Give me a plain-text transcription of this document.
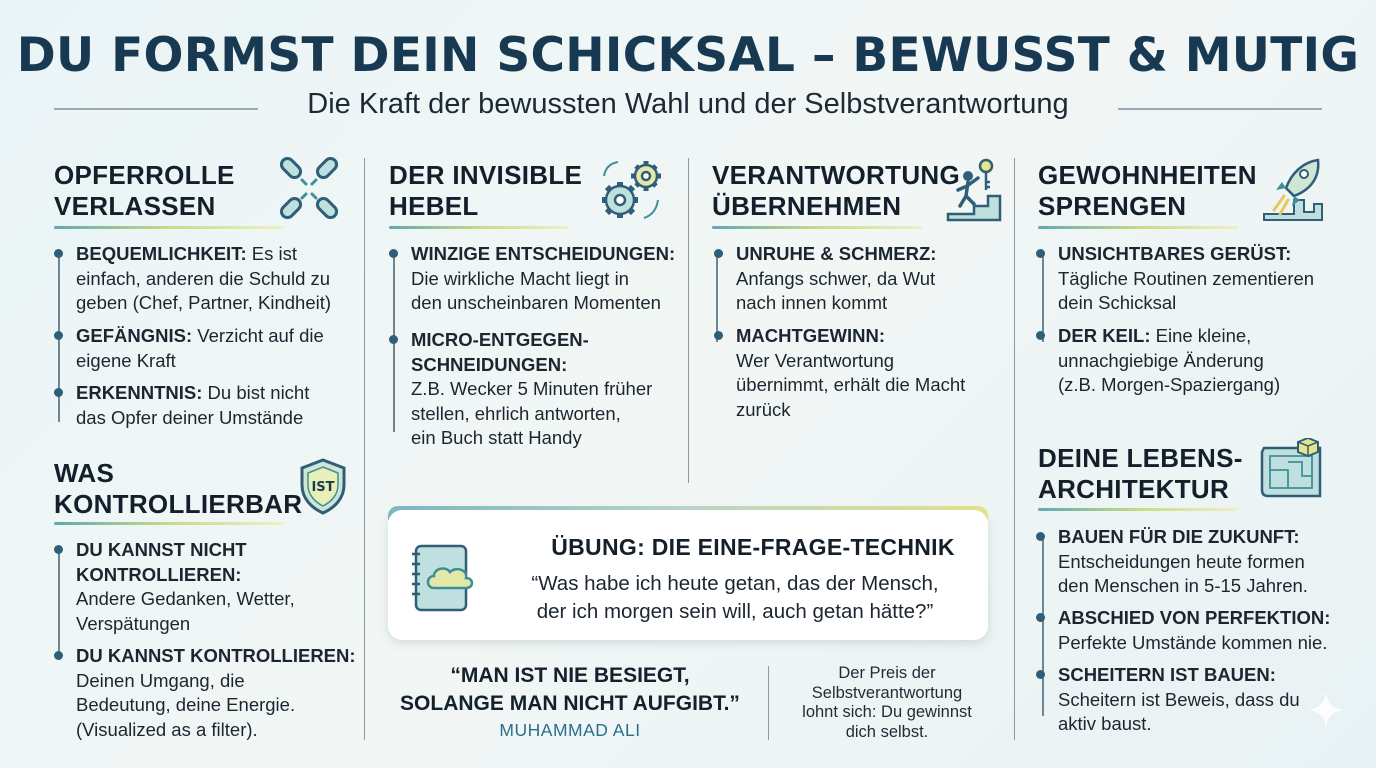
DU FORMST DEIN SCHICKSAL – BEWUSST & MUTIG
Die Kraft der bewussten Wahl und der Selbstverantwortung
OPFERROLLE
VERLASSEN
BEQUEMLICHKEIT: Es ist
einfach, anderen die Schuld zu
geben (Chef, Partner, Kindheit)
GEFÄNGNIS: Verzicht auf die
eigene Kraft
ERKENNTNIS: Du bist nicht
das Opfer deiner Umstände
WAS
KONTROLLIERBAR
IST
DU KANNST NICHT
KONTROLLIEREN:
Andere Gedanken, Wetter,
Verspätungen
DU KANNST KONTROLLIEREN:
Deinen Umgang, die
Bedeutung, deine Energie.
(Visualized as a filter).
DER INVISIBLE
HEBEL
WINZIGE ENTSCHEIDUNGEN:
Die wirkliche Macht liegt in
den unscheinbaren Momenten
MICRO-ENTGEGEN-
SCHNEIDUNGEN:
Z.B. Wecker 5 Minuten früher
stellen, ehrlich antworten,
ein Buch statt Handy
VERANTWORTUNG
ÜBERNEHMEN
UNRUHE & SCHMERZ:
Anfangs schwer, da Wut
nach innen kommt
MACHTGEWINN:
Wer Verantwortung
übernimmt, erhält die Macht
zurück
GEWOHNHEITEN
SPRENGEN
UNSICHTBARES GERÜST:
Tägliche Routinen zementieren
dein Schicksal
DER KEIL: Eine kleine,
unnachgiebige Änderung
(z.B. Morgen-Spaziergang)
DEINE LEBENS-
ARCHITEKTUR
BAUEN FÜR DIE ZUKUNFT:
Entscheidungen heute formen
den Menschen in 5-15 Jahren.
ABSCHIED VON PERFEKTION:
Perfekte Umstände kommen nie.
SCHEITERN IST BAUEN:
Scheitern ist Beweis, dass du
aktiv baust.
ÜBUNG: DIE EINE-FRAGE-TECHNIK
“Was habe ich heute getan, das der Mensch,
der ich morgen sein will, auch getan hätte?”
“MAN IST NIE BESIEGT,
SOLANGE MAN NICHT AUFGIBT.”
MUHAMMAD ALI
Der Preis der
Selbstverantwortung
lohnt sich: Du gewinnst
dich selbst.
